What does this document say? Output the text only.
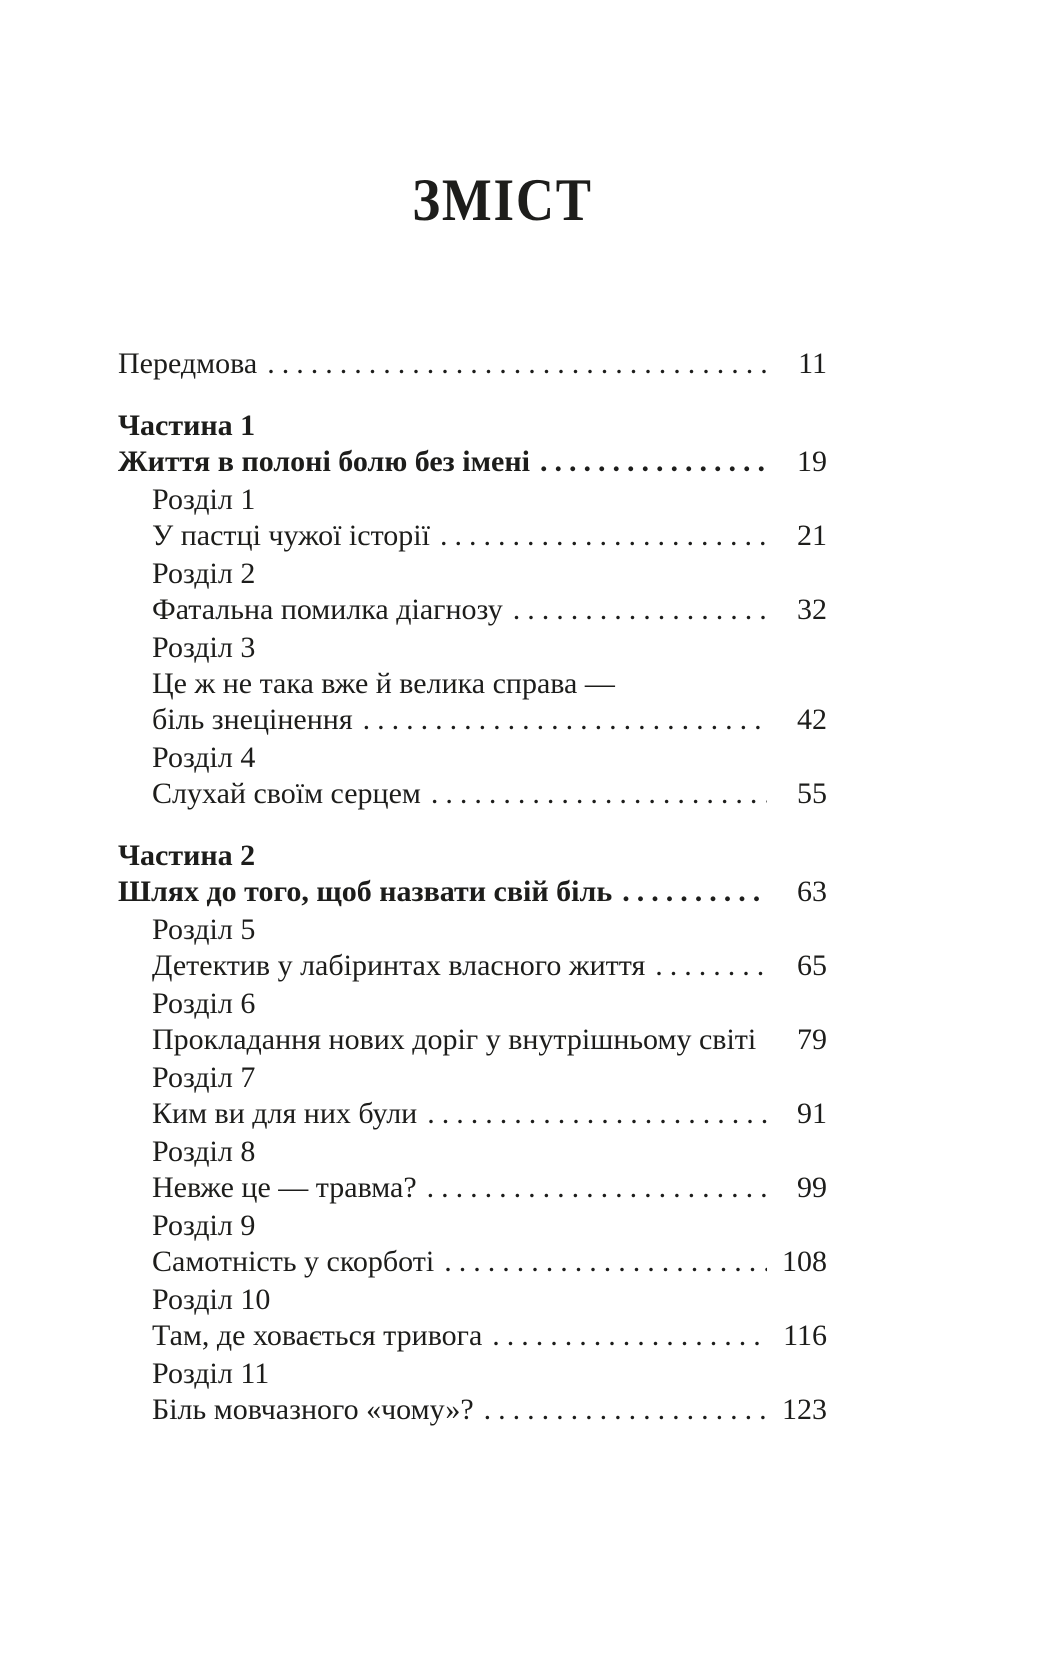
ЗМІСТ
Передмова .....	11
Частина 1
Життя в полоні болю без імені .....	19
Розділ 1
У пастці чужої історії .....	21
Розділ 2
Фатальна помилка діагнозу .....	32
Розділ 3
Це ж не така вже й велика справа —
біль знецінення .....	42
Розділ 4
Слухай своїм серцем .....	55
Частина 2
Шлях до того, щоб назвати свій біль .....	63
Розділ 5
Детектив у лабіринтах власного життя .....	65
Розділ 6
Прокладання нових доріг у внутрішньому світі .....	79
Розділ 7
Ким ви для них були .....	91
Розділ 8
Невже це — травма? .....	99
Розділ 9
Самотність у скорботі .....	108
Розділ 10
Там, де ховається тривога .....	116
Розділ 11
Біль мовчазного «чому»? .....	123
